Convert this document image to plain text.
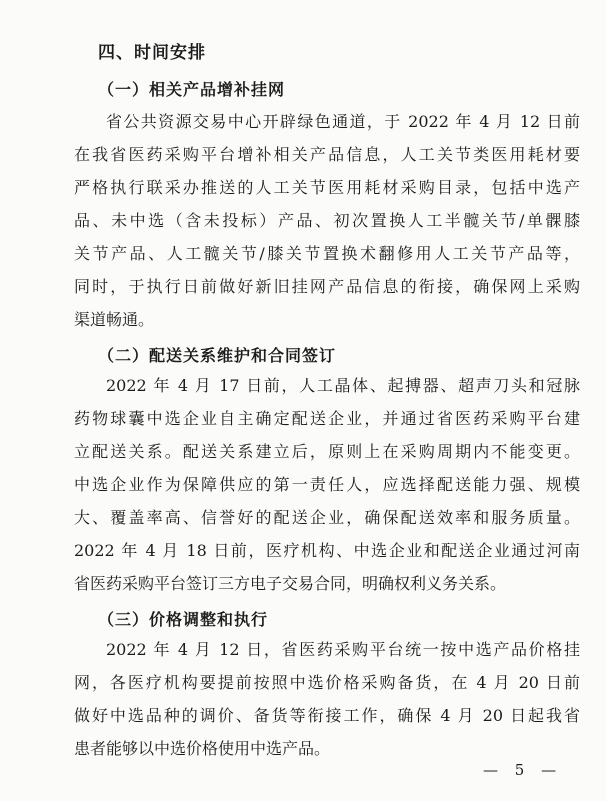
四、时间安排
（一）相关产品增补挂网
省公共资源交易中心开辟绿色通道，于 2022 年 4 月 12 日前
在我省医药采购平台增补相关产品信息，人工关节类医用耗材要
严格执行联采办推送的人工关节医用耗材采购目录，包括中选产
品、未中选（含未投标）产品、初次置换人工半髋关节/单髁膝
关节产品、人工髋关节/膝关节置换术翻修用人工关节产品等，
同时，于执行日前做好新旧挂网产品信息的衔接，确保网上采购
渠道畅通。
（二）配送关系维护和合同签订
2022 年 4 月 17 日前，人工晶体、起搏器、超声刀头和冠脉
药物球囊中选企业自主确定配送企业，并通过省医药采购平台建
立配送关系。配送关系建立后，原则上在采购周期内不能变更。
中选企业作为保障供应的第一责任人，应选择配送能力强、规模
大、覆盖率高、信誉好的配送企业，确保配送效率和服务质量。
2022 年 4 月 18 日前，医疗机构、中选企业和配送企业通过河南
省医药采购平台签订三方电子交易合同，明确权利义务关系。
（三）价格调整和执行
2022 年 4 月 12 日，省医药采购平台统一按中选产品价格挂
网，各医疗机构要提前按照中选价格采购备货，在 4 月 20 日前
做好中选品种的调价、备货等衔接工作，确保 4 月 20 日起我省
患者能够以中选价格使用中选产品。
— 5 —
